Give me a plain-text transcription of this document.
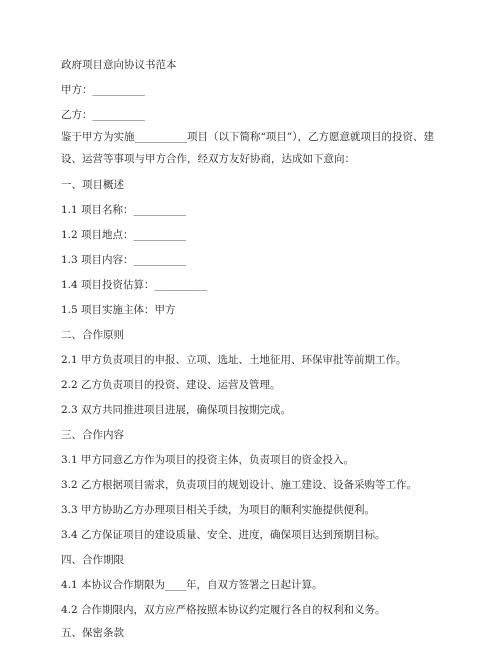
政府项目意向协议书范本
甲方：__________
乙方：__________
鉴于甲方为实施__________项目（以下简称“项目”），乙方愿意就项目的投资、建设、运营等事项与甲方合作，经双方友好协商，达成如下意向：
一、项目概述
1.1 项目名称：__________
1.2 项目地点：__________
1.3 项目内容：__________
1.4 项目投资估算：__________
1.5 项目实施主体：甲方
二、合作原则
2.1 甲方负责项目的申报、立项、选址、土地征用、环保审批等前期工作。
2.2 乙方负责项目的投资、建设、运营及管理。
2.3 双方共同推进项目进展，确保项目按期完成。
三、合作内容
3.1 甲方同意乙方作为项目的投资主体，负责项目的资金投入。
3.2 乙方根据项目需求，负责项目的规划设计、施工建设、设备采购等工作。
3.3 甲方协助乙方办理项目相关手续，为项目的顺利实施提供便利。
3.4 乙方保证项目的建设质量、安全、进度，确保项目达到预期目标。
四、合作期限
4.1 本协议合作期限为____年，自双方签署之日起计算。
4.2 合作期限内，双方应严格按照本协议约定履行各自的权利和义务。
五、保密条款
